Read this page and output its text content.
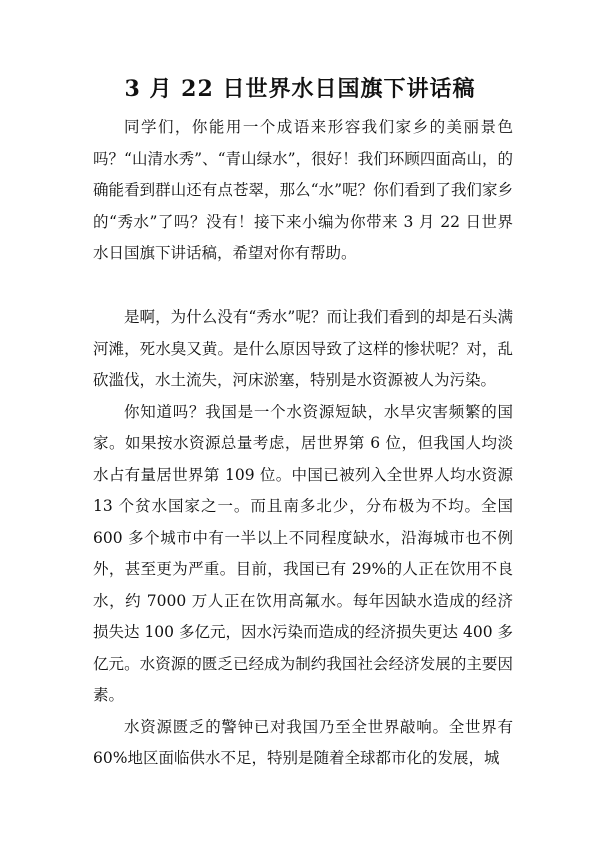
3 月 22 日世界水日国旗下讲话稿

同学们，你能用一个成语来形容我们家乡的美丽景色吗？“山清水秀”、“青山绿水”，很好！我们环顾四面高山，的确能看到群山还有点苍翠，那么“水”呢？你们看到了我们家乡的“秀水”了吗？没有！接下来小编为你带来 3 月 22 日世界水日国旗下讲话稿，希望对你有帮助。

是啊，为什么没有“秀水”呢？而让我们看到的却是石头满河滩，死水臭又黄。是什么原因导致了这样的惨状呢？对，乱砍滥伐，水土流失，河床淤塞，特别是水资源被人为污染。

你知道吗？我国是一个水资源短缺，水旱灾害频繁的国家。如果按水资源总量考虑，居世界第 6 位，但我国人均淡水占有量居世界第 109 位。中国已被列入全世界人均水资源 13 个贫水国家之一。而且南多北少，分布极为不均。全国 600 多个城市中有一半以上不同程度缺水，沿海城市也不例外，甚至更为严重。目前，我国已有 29%的人正在饮用不良水，约 7000 万人正在饮用高氟水。每年因缺水造成的经济损失达 100 多亿元，因水污染而造成的经济损失更达 400 多亿元。水资源的匮乏已经成为制约我国社会经济发展的主要因素。

水资源匮乏的警钟已对我国乃至全世界敲响。全世界有 60%地区面临供水不足，特别是随着全球都市化的发展，城
